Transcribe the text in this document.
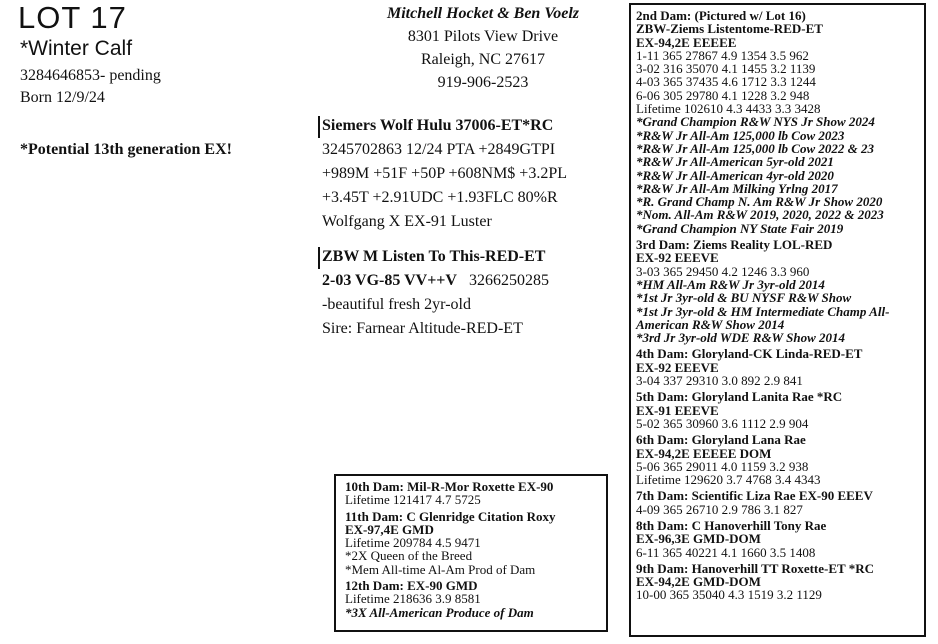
LOT 17
*Winter Calf
3284646853- pending
Born 12/9/24
*Potential 13th generation EX!
Mitchell Hocket & Ben Voelz
8301 Pilots View Drive
Raleigh, NC 27617
919-906-2523
Siemers Wolf Hulu 37006-ET*RC
3245702863 12/24 PTA +2849GTPI
+989M +51F +50P +608NM$ +3.2PL
+3.45T +2.91UDC +1.93FLC 80%R
Wolfgang X EX-91 Luster
ZBW M Listen To This-RED-ET
2-03 VG-85 VV++V 3266250285
-beautiful fresh 2yr-old
Sire: Farnear Altitude-RED-ET
2nd Dam: (Pictured w/ Lot 16)
ZBW-Ziems Listentome-RED-ET
EX-94,2E EEEEE
1-11 365 27867 4.9 1354 3.5 962
3-02 316 35070 4.1 1455 3.2 1139
4-03 365 37435 4.6 1712 3.3 1244
6-06 305 29780 4.1 1228 3.2 948
Lifetime 102610 4.3 4433 3.3 3428
*Grand Champion R&W NYS Jr Show 2024
*R&W Jr All-Am 125,000 lb Cow 2023
*R&W Jr All-Am 125,000 lb Cow 2022 & 23
*R&W Jr All-American 5yr-old 2021
*R&W Jr All-American 4yr-old 2020
*R&W Jr All-Am Milking Yrlng 2017
*R. Grand Champ N. Am R&W Jr Show 2020
*Nom. All-Am R&W 2019, 2020, 2022 & 2023
*Grand Champion NY State Fair 2019
3rd Dam: Ziems Reality LOL-RED
EX-92 EEEVE
3-03 365 29450 4.2 1246 3.3 960
*HM All-Am R&W Jr 3yr-old 2014
*1st Jr 3yr-old & BU NYSF R&W Show
*1st Jr 3yr-old & HM Intermediate Champ All-
American R&W Show 2014
*3rd Jr 3yr-old WDE R&W Show 2014
4th Dam: Gloryland-CK Linda-RED-ET
EX-92 EEEVE
3-04 337 29310 3.0 892 2.9 841
5th Dam: Gloryland Lanita Rae *RC
EX-91 EEEVE
5-02 365 30960 3.6 1112 2.9 904
6th Dam: Gloryland Lana Rae
EX-94,2E EEEEE DOM
5-06 365 29011 4.0 1159 3.2 938
Lifetime 129620 3.7 4768 3.4 4343
7th Dam: Scientific Liza Rae EX-90 EEEV
4-09 365 26710 2.9 786 3.1 827
8th Dam: C Hanoverhill Tony Rae
EX-96,3E GMD-DOM
6-11 365 40221 4.1 1660 3.5 1408
9th Dam: Hanoverhill TT Roxette-ET *RC
EX-94,2E GMD-DOM
10-00 365 35040 4.3 1519 3.2 1129
10th Dam: Mil-R-Mor Roxette EX-90
Lifetime 121417 4.7 5725
11th Dam: C Glenridge Citation Roxy
EX-97,4E GMD
Lifetime 209784 4.5 9471
*2X Queen of the Breed
*Mem All-time Al-Am Prod of Dam
12th Dam: EX-90 GMD
Lifetime 218636 3.9 8581
*3X All-American Produce of Dam
